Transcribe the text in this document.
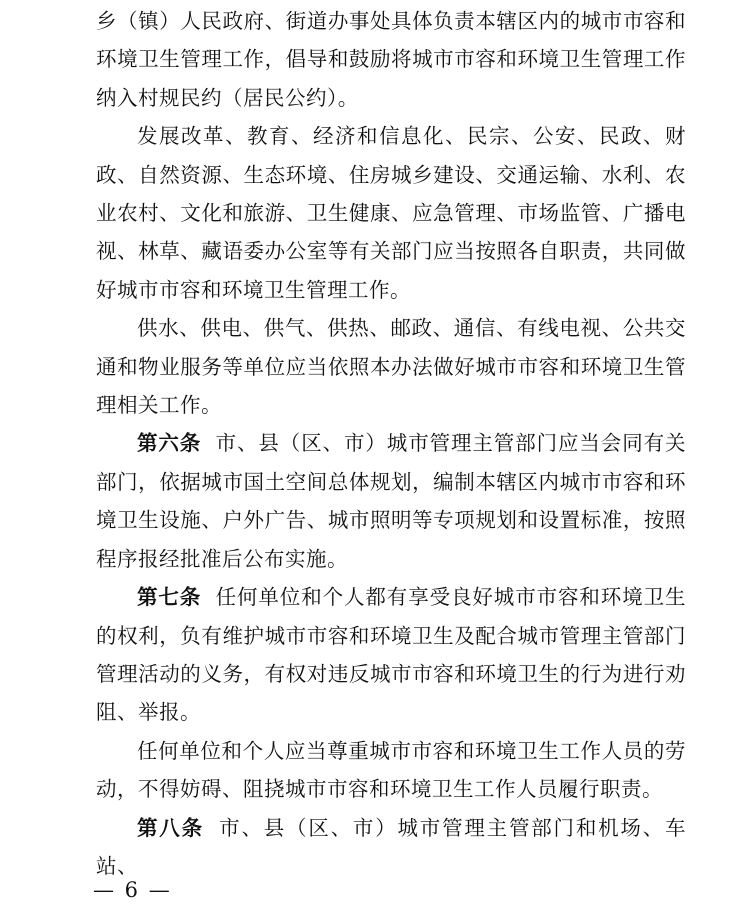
乡（镇）人民政府、街道办事处具体负责本辖区内的城市市容和环境卫生管理工作，倡导和鼓励将城市市容和环境卫生管理工作纳入村规民约（居民公约）。

发展改革、教育、经济和信息化、民宗、公安、民政、财政、自然资源、生态环境、住房城乡建设、交通运输、水利、农业农村、文化和旅游、卫生健康、应急管理、市场监管、广播电视、林草、藏语委办公室等有关部门应当按照各自职责，共同做好城市市容和环境卫生管理工作。

供水、供电、供气、供热、邮政、通信、有线电视、公共交通和物业服务等单位应当依照本办法做好城市市容和环境卫生管理相关工作。

第六条 市、县（区、市）城市管理主管部门应当会同有关部门，依据城市国土空间总体规划，编制本辖区内城市市容和环境卫生设施、户外广告、城市照明等专项规划和设置标准，按照程序报经批准后公布实施。

第七条 任何单位和个人都有享受良好城市市容和环境卫生的权利，负有维护城市市容和环境卫生及配合城市管理主管部门管理活动的义务，有权对违反城市市容和环境卫生的行为进行劝阻、举报。

任何单位和个人应当尊重城市市容和环境卫生工作人员的劳动，不得妨碍、阻挠城市市容和环境卫生工作人员履行职责。

第八条 市、县（区、市）城市管理主管部门和机场、车站、

— 6 —
